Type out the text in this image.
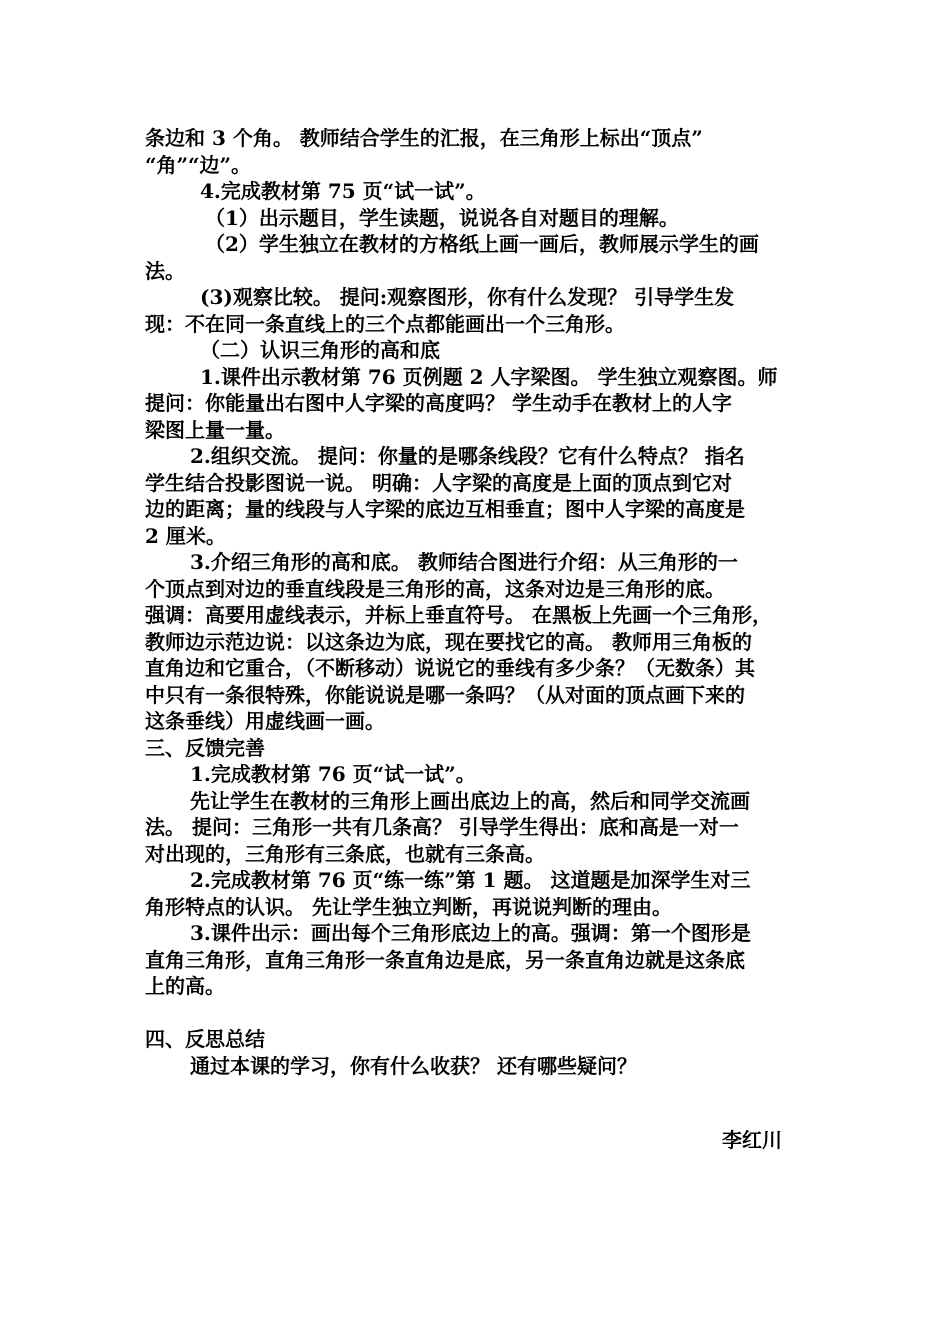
条边和 3 个角。 教师结合学生的汇报，在三角形上标出“顶点”
“角”“边”。
4.完成教材第 75 页“试一试”。
（1）出示题目，学生读题，说说各自对题目的理解。
（2）学生独立在教材的方格纸上画一画后，教师展示学生的画
法。
(3)观察比较。 提问:观察图形，你有什么发现？ 引导学生发
现：不在同一条直线上的三个点都能画出一个三角形。
（二）认识三角形的高和底
1.课件出示教材第 76 页例题 2 人字梁图。 学生独立观察图。师
提问：你能量出右图中人字梁的高度吗？ 学生动手在教材上的人字
梁图上量一量。
2.组织交流。 提问：你量的是哪条线段？它有什么特点？ 指名
学生结合投影图说一说。 明确：人字梁的高度是上面的顶点到它对
边的距离；量的线段与人字梁的底边互相垂直；图中人字梁的高度是
2 厘米。
3.介绍三角形的高和底。 教师结合图进行介绍：从三角形的一
个顶点到对边的垂直线段是三角形的高，这条对边是三角形的底。
强调：高要用虚线表示，并标上垂直符号。 在黑板上先画一个三角形，
教师边示范边说：以这条边为底，现在要找它的高。 教师用三角板的
直角边和它重合，（不断移动）说说它的垂线有多少条？（无数条）其
中只有一条很特殊，你能说说是哪一条吗？（从对面的顶点画下来的
这条垂线）用虚线画一画。
三、反馈完善
1.完成教材第 76 页“试一试”。
先让学生在教材的三角形上画出底边上的高，然后和同学交流画
法。 提问：三角形一共有几条高？ 引导学生得出：底和高是一对一
对出现的，三角形有三条底，也就有三条高。
2.完成教材第 76 页“练一练”第 1 题。 这道题是加深学生对三
角形特点的认识。 先让学生独立判断，再说说判断的理由。
3.课件出示：画出每个三角形底边上的高。强调：第一个图形是
直角三角形，直角三角形一条直角边是底，另一条直角边就是这条底
上的高。
四、反思总结
通过本课的学习，你有什么收获？ 还有哪些疑问？
李红川
